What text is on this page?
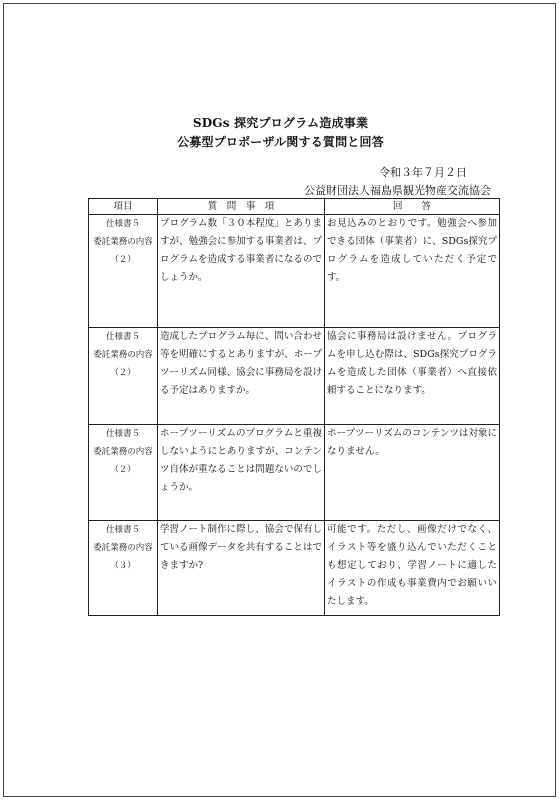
SDGs 探究プログラム造成事業
公募型プロポーザル関する質問と回答
令和３年７月２日
公益財団法人福島県観光物産交流協会
項目	質　問　事　項	回　　答

仕様書５
委託業務の内容
（２）	プログラム数「３０本程度」とありますが、勉強会に参加する事業者は、プログラムを造成する事業者になるのでしょうか。	お見込みのとおりです。勉強会へ参加できる団体（事業者）に、SDGs探究プログラムを造成していただく予定です。

仕様書５
委託業務の内容
（２）	造成したプログラム毎に、問い合わせ等を明確にするとありますが、ホープツーリズム同様、協会に事務局を設ける予定はありますか。	協会に事務局は設けません。プログラムを申し込む際は、SDGs探究プログラムを造成した団体（事業者）へ直接依頼することになります。

仕様書５
委託業務の内容
（２）	ホープツーリズムのプログラムと重複しないようにとありますが、コンテンツ自体が重なることは問題ないのでしょうか。	ホープツーリズムのコンテンツは対象になりません。

仕様書５
委託業務の内容
（３）	学習ノート制作に際し、協会で保有している画像データを共有することはできますか?	可能です。ただし、画像だけでなく、イラスト等を盛り込んでいただくことも想定しており、学習ノートに適したイラストの作成も事業費内でお願いいたします。
